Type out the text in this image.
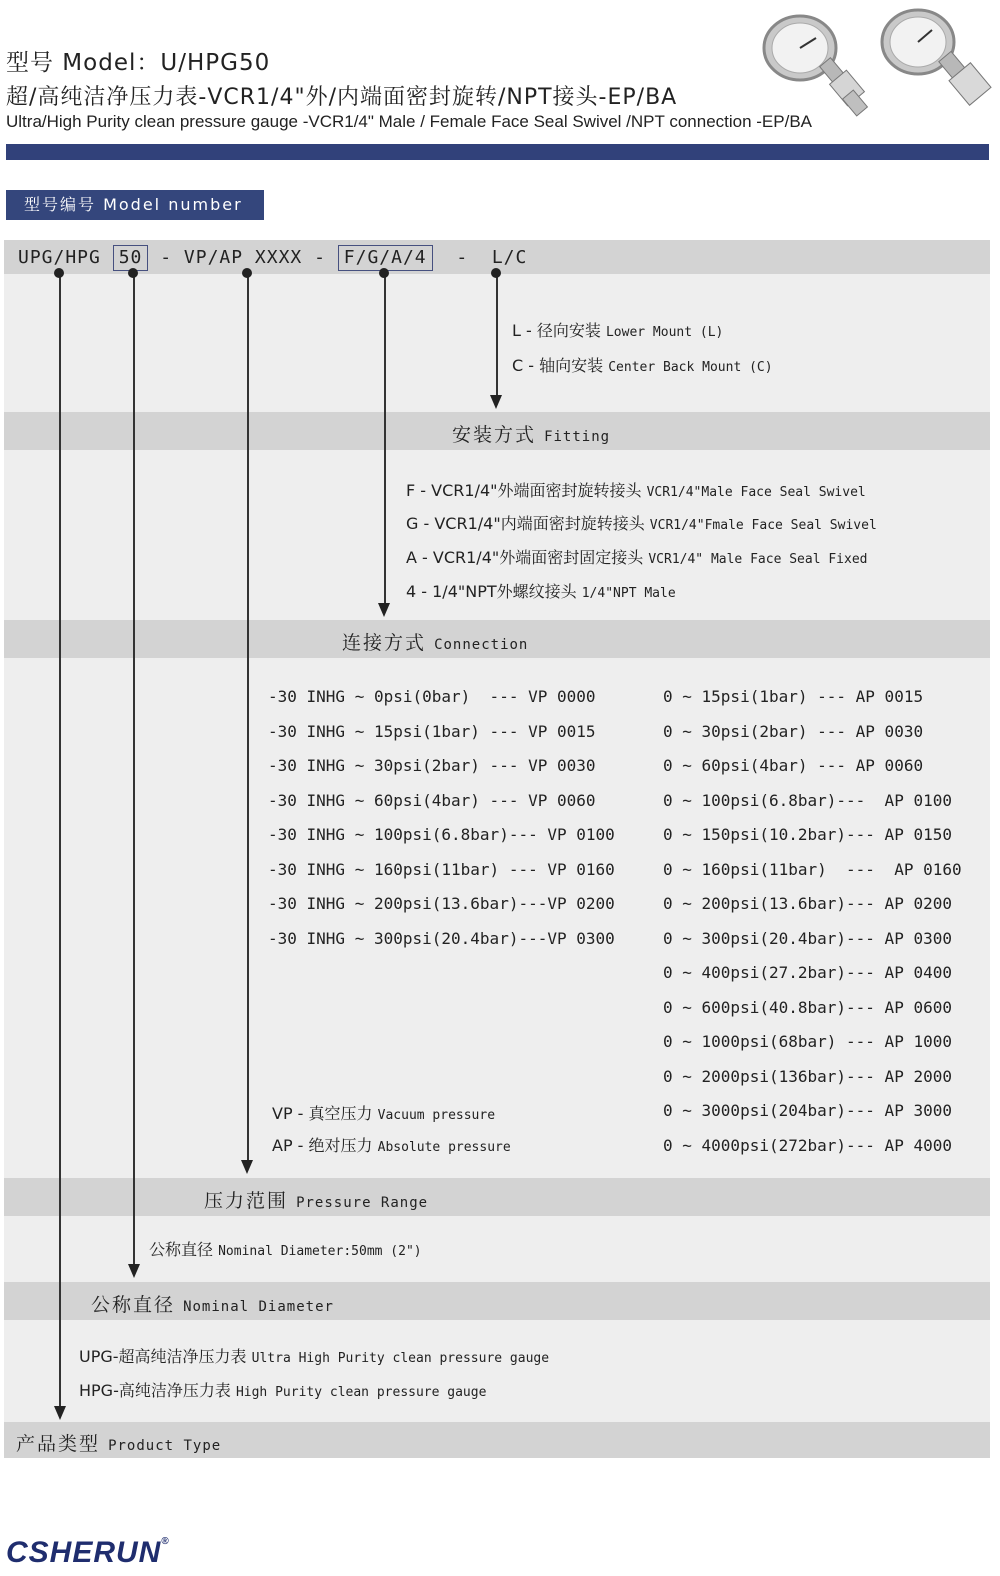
型号 Model：U/HPG50
超/高纯洁净压力表-VCR1/4"外/内端面密封旋转/NPT接头-EP/BA
Ultra/High Purity clean pressure gauge -VCR1/4" Male / Female Face Seal Swivel /NPT connection -EP/BA
型号编号 Model number
UPG/HPG 50 - VP/AP XXXX - F/G/A/4  -  L/C
L - 径向安装 Lower Mount (L)
C - 轴向安装 Center Back Mount (C)
安装方式 Fitting
F - VCR1/4"外端面密封旋转接头 VCR1/4"Male Face Seal Swivel
G - VCR1/4"内端面密封旋转接头 VCR1/4"Fmale Face Seal Swivel
A - VCR1/4"外端面密封固定接头 VCR1/4" Male Face Seal Fixed
4 - 1/4"NPT外螺纹接头 1/4"NPT Male
连接方式 Connection
-30 INHG ~ 0psi(0bar)  --- VP 0000
-30 INHG ~ 15psi(1bar) --- VP 0015
-30 INHG ~ 30psi(2bar) --- VP 0030
-30 INHG ~ 60psi(4bar) --- VP 0060
-30 INHG ~ 100psi(6.8bar)--- VP 0100
-30 INHG ~ 160psi(11bar) --- VP 0160
-30 INHG ~ 200psi(13.6bar)---VP 0200
-30 INHG ~ 300psi(20.4bar)---VP 0300
0 ~ 15psi(1bar) --- AP 0015
0 ~ 30psi(2bar) --- AP 0030
0 ~ 60psi(4bar) --- AP 0060
0 ~ 100psi(6.8bar)---  AP 0100
0 ~ 150psi(10.2bar)--- AP 0150
0 ~ 160psi(11bar)  ---  AP 0160
0 ~ 200psi(13.6bar)--- AP 0200
0 ~ 300psi(20.4bar)--- AP 0300
0 ~ 400psi(27.2bar)--- AP 0400
0 ~ 600psi(40.8bar)--- AP 0600
0 ~ 1000psi(68bar) --- AP 1000
0 ~ 2000psi(136bar)--- AP 2000
0 ~ 3000psi(204bar)--- AP 3000
0 ~ 4000psi(272bar)--- AP 4000
VP - 真空压力 Vacuum pressure
AP - 绝对压力 Absolute pressure
压力范围 Pressure Range
公称直径 Nominal Diameter:50mm (2")
公称直径 Nominal Diameter
UPG-超高纯洁净压力表 Ultra High Purity clean pressure gauge
HPG-高纯洁净压力表 High Purity clean pressure gauge
产品类型 Product Type
CSHERUN®
